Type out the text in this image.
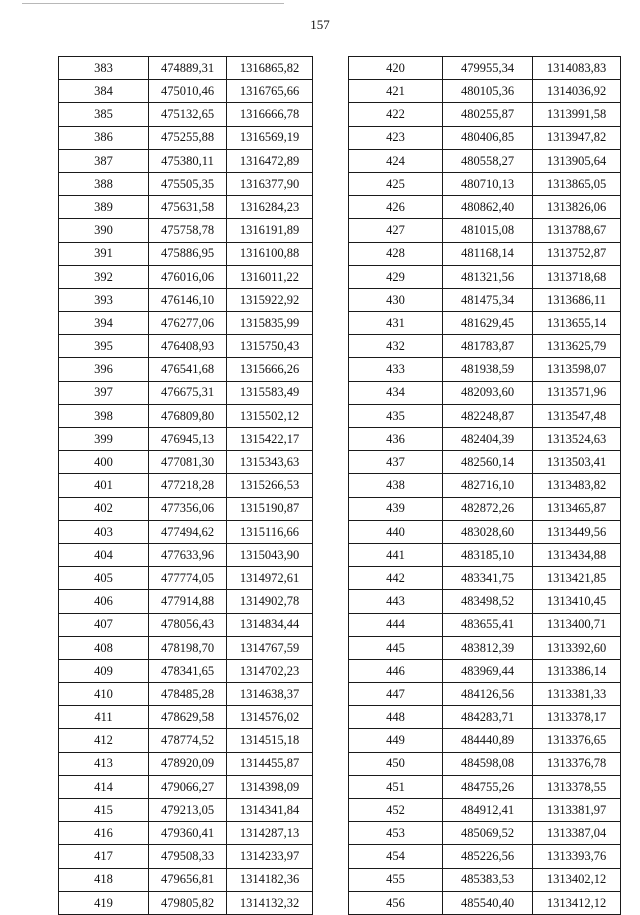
157
383	474889,31	1316865,82
384	475010,46	1316765,66
385	475132,65	1316666,78
386	475255,88	1316569,19
387	475380,11	1316472,89
388	475505,35	1316377,90
389	475631,58	1316284,23
390	475758,78	1316191,89
391	475886,95	1316100,88
392	476016,06	1316011,22
393	476146,10	1315922,92
394	476277,06	1315835,99
395	476408,93	1315750,43
396	476541,68	1315666,26
397	476675,31	1315583,49
398	476809,80	1315502,12
399	476945,13	1315422,17
400	477081,30	1315343,63
401	477218,28	1315266,53
402	477356,06	1315190,87
403	477494,62	1315116,66
404	477633,96	1315043,90
405	477774,05	1314972,61
406	477914,88	1314902,78
407	478056,43	1314834,44
408	478198,70	1314767,59
409	478341,65	1314702,23
410	478485,28	1314638,37
411	478629,58	1314576,02
412	478774,52	1314515,18
413	478920,09	1314455,87
414	479066,27	1314398,09
415	479213,05	1314341,84
416	479360,41	1314287,13
417	479508,33	1314233,97
418	479656,81	1314182,36
419	479805,82	1314132,32
420	479955,34	1314083,83
421	480105,36	1314036,92
422	480255,87	1313991,58
423	480406,85	1313947,82
424	480558,27	1313905,64
425	480710,13	1313865,05
426	480862,40	1313826,06
427	481015,08	1313788,67
428	481168,14	1313752,87
429	481321,56	1313718,68
430	481475,34	1313686,11
431	481629,45	1313655,14
432	481783,87	1313625,79
433	481938,59	1313598,07
434	482093,60	1313571,96
435	482248,87	1313547,48
436	482404,39	1313524,63
437	482560,14	1313503,41
438	482716,10	1313483,82
439	482872,26	1313465,87
440	483028,60	1313449,56
441	483185,10	1313434,88
442	483341,75	1313421,85
443	483498,52	1313410,45
444	483655,41	1313400,71
445	483812,39	1313392,60
446	483969,44	1313386,14
447	484126,56	1313381,33
448	484283,71	1313378,17
449	484440,89	1313376,65
450	484598,08	1313376,78
451	484755,26	1313378,55
452	484912,41	1313381,97
453	485069,52	1313387,04
454	485226,56	1313393,76
455	485383,53	1313402,12
456	485540,40	1313412,12
